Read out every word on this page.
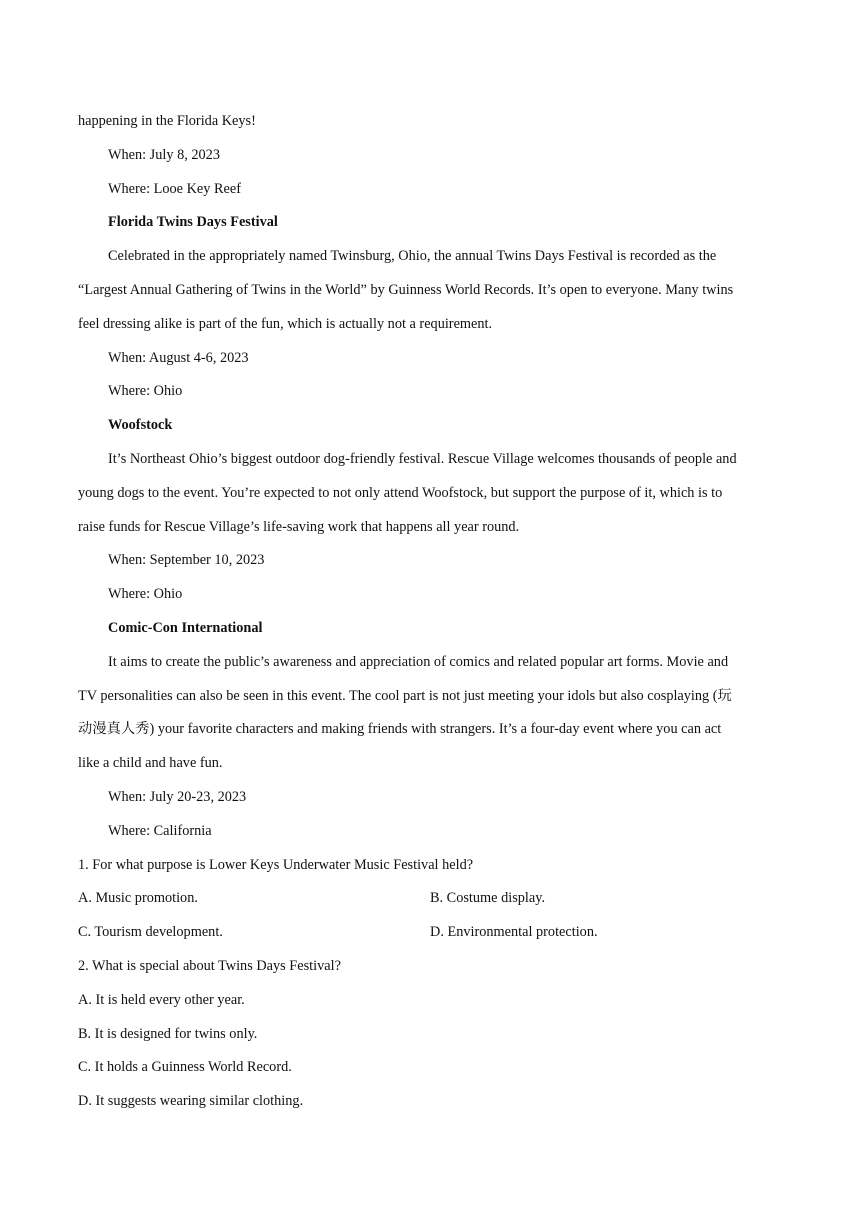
happening in the Florida Keys!
When: July 8, 2023
Where: Looe Key Reef
Florida Twins Days Festival
Celebrated in the appropriately named Twinsburg, Ohio, the annual Twins Days Festival is recorded as the
“Largest Annual Gathering of Twins in the World” by Guinness World Records. It’s open to everyone. Many twins
feel dressing alike is part of the fun, which is actually not a requirement.
When: August 4-6, 2023
Where: Ohio
Woofstock
It’s Northeast Ohio’s biggest outdoor dog-friendly festival. Rescue Village welcomes thousands of people and
young dogs to the event. You’re expected to not only attend Woofstock, but support the purpose of it, which is to
raise funds for Rescue Village’s life-saving work that happens all year round.
When: September 10, 2023
Where: Ohio
Comic-Con International
It aims to create the public’s awareness and appreciation of comics and related popular art forms. Movie and
TV personalities can also be seen in this event. The cool part is not just meeting your idols but also cosplaying (玩
动漫真人秀) your favorite characters and making friends with strangers. It’s a four-day event where you can act
like a child and have fun.
When: July 20-23, 2023
Where: California
1. For what purpose is Lower Keys Underwater Music Festival held?
A. Music promotion.	B. Costume display.
C. Tourism development.	D. Environmental protection.
2. What is special about Twins Days Festival?
A. It is held every other year.
B. It is designed for twins only.
C. It holds a Guinness World Record.
D. It suggests wearing similar clothing.
